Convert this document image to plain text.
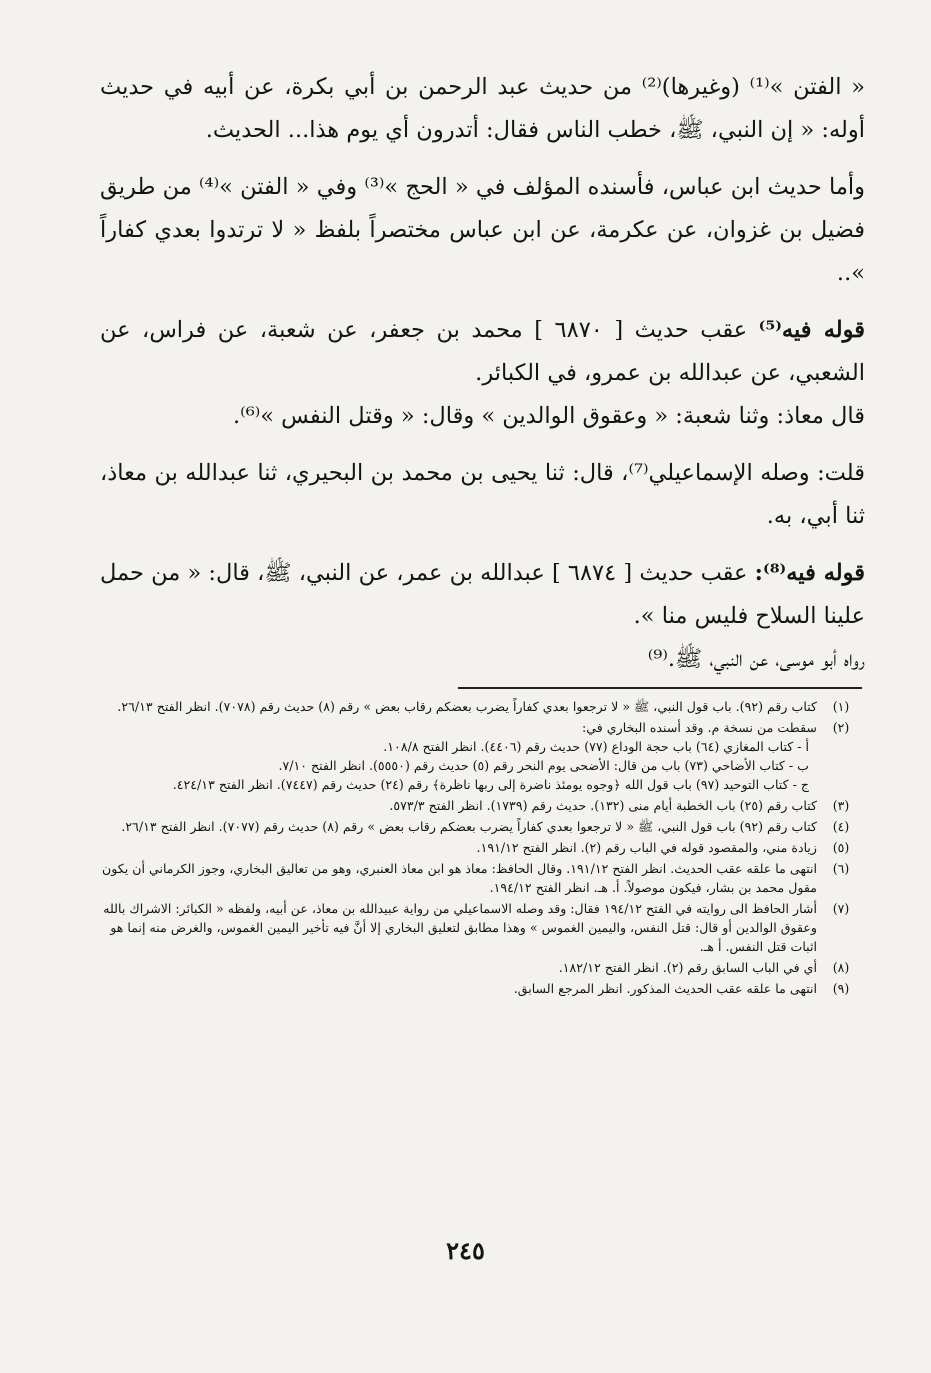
« الفتن »⁽¹⁾ (وغيرها)⁽²⁾ من حديث عبد الرحمن بن أبي بكرة، عن أبيه في حديث أوله: « إن النبي، ﷺ، خطب الناس فقال: أتدرون أي يوم هذا... الحديث.

وأما حديث ابن عباس، فأسنده المؤلف في « الحج »⁽³⁾ وفي « الفتن »⁽⁴⁾ من طريق فضيل بن غزوان، عن عكرمة، عن ابن عباس مختصراً بلفظ « لا ترتدوا بعدي كفاراً »..

قوله فيه⁽⁵⁾ عقب حديث [ ٦٨٧٠ ] محمد بن جعفر، عن شعبة، عن فراس، عن الشعبي، عن عبدالله بن عمرو، في الكبائر.

قال معاذ: وثنا شعبة: « وعقوق الوالدين » وقال: « وقتل النفس »⁽⁶⁾.

قلت: وصله الإسماعيلي⁽⁷⁾، قال: ثنا يحيى بن محمد بن البحيري، ثنا عبدالله بن معاذ، ثنا أبي، به.

قوله فيه⁽⁸⁾: عقب حديث [ ٦٨٧٤ ] عبدالله بن عمر، عن النبي، ﷺ، قال: « من حمل علينا السلاح فليس منا ».

رواه أبو موسى، عن النبي، ﷺ.⁽⁹⁾

(١)
كتاب رقم (٩٢). باب قول النبي، ﷺ « لا ترجعوا بعدي كفاراً يضرب بعضكم رقاب بعض » رقم (٨) حديث رقم (٧٠٧٨). انظر الفتح ٢٦/١٣.
(٢)
سقطت من نسخة م. وقد أسنده البخاري في:
أ - كتاب المغازي (٦٤) باب حجة الوداع (٧٧) حديث رقم (٤٤٠٦). انظر الفتح ١٠٨/٨.
ب - كتاب الأضاحي (٧٣) باب من قال: الأضحى يوم النحر رقم (٥) حديث رقم (٥٥٥٠). انظر الفتح ٧/١٠.
ج - كتاب التوحيد (٩٧) باب قول الله ﴿وجوه يومئذ ناضرة إلى ربها ناظرة﴾ رقم (٢٤) حديث رقم (٧٤٤٧). انظر الفتح ٤٢٤/١٣.
(٣)
كتاب رقم (٢٥) باب الخطبة أيام منى (١٣٢). حديث رقم (١٧٣٩). انظر الفتح ٥٧٣/٣.
(٤)
كتاب رقم (٩٢) باب قول النبي، ﷺ « لا ترجعوا بعدي كفاراً يضرب بعضكم رقاب بعض » رقم (٨) حديث رقم (٧٠٧٧). انظر الفتح ٢٦/١٣.
(٥)
زيادة مني، والمقصود قوله في الباب رقم (٢). انظر الفتح ١٩١/١٢.
(٦)
انتهى ما علقه عقب الحديث. انظر الفتح ١٩١/١٢. وقال الحافظ: معاذ هو ابن معاذ العنبري، وهو من تعاليق البخاري، وجوز الكرماني أن يكون مقول محمد بن بشار، فيكون موصولاً. أ. هـ. انظر الفتح ١٩٤/١٢.
(٧)
أشار الحافظ الى روايته في الفتح ١٩٤/١٢ فقال: وقد وصله الاسماعيلي من رواية عبيدالله بن معاذ، عن أبيه، ولفظه « الكبائر: الاشراك بالله وعقوق الوالدين أو قال: قتل النفس، واليمين الغموس » وهذا مطابق لتعليق البخاري إلا أنَّ فيه تأخير اليمين الغموس، والغرض منه إنما هو اثبات قتل النفس. أ هـ.
(٨)
أي في الباب السابق رقم (٢). انظر الفتح ١٨٢/١٢.
(٩)
انتهى ما علقه عقب الحديث المذكور. انظر المرجع السابق.
٢٤٥
